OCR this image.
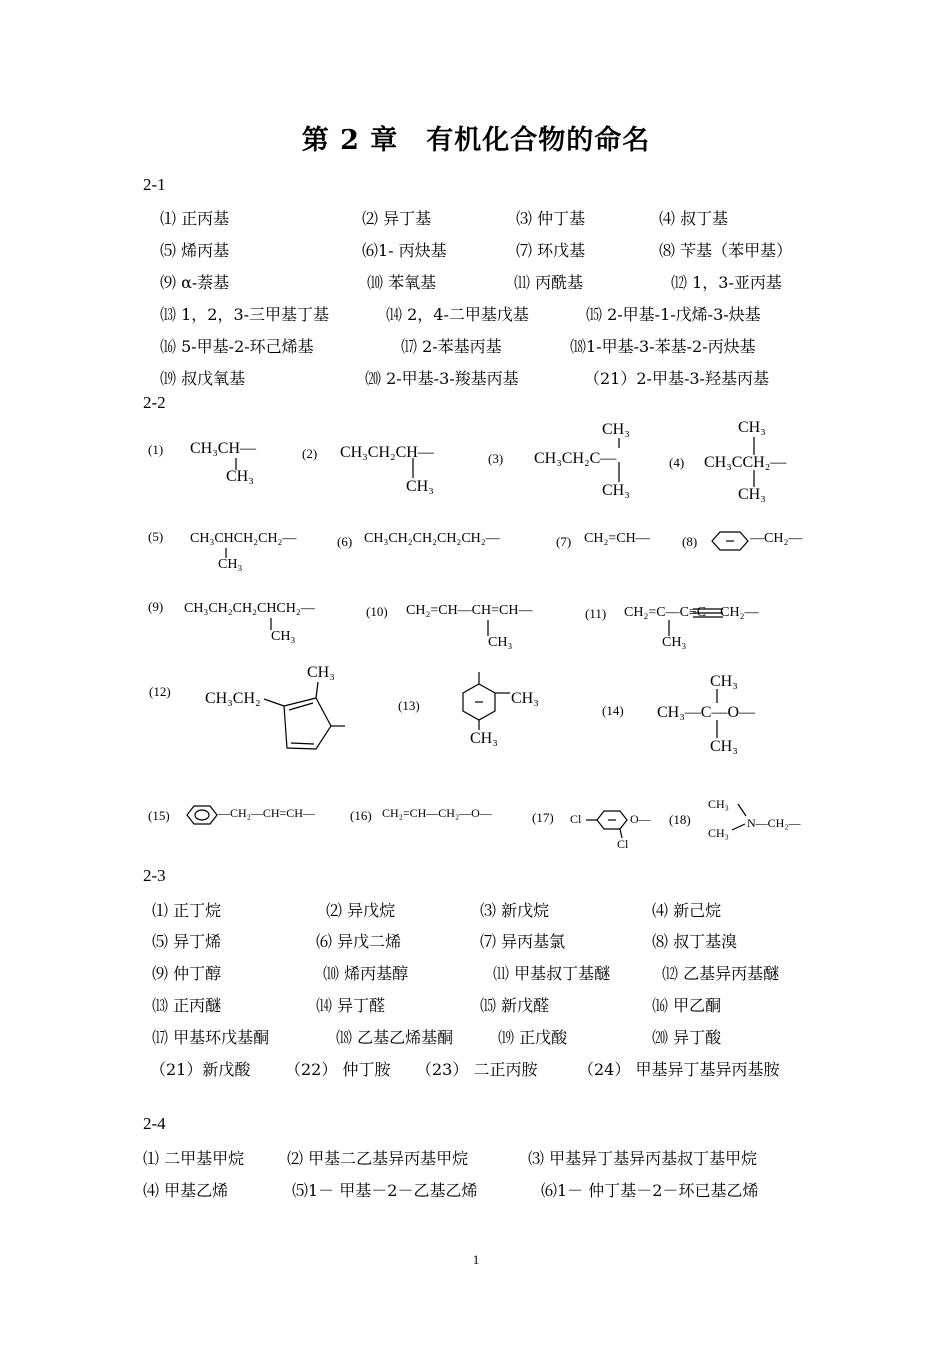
第 2 章　有机化合物的命名
2-1
⑴ 正丙基	⑵ 异丁基	⑶ 仲丁基	⑷ 叔丁基
⑸ 烯丙基	⑹1- 丙炔基	⑺ 环戊基	⑻ 苄基（苯甲基）
⑼ α-萘基	⑽ 苯氧基	⑾ 丙酰基	⑿ 1，3-亚丙基
⒀ 1，2，3-三甲基丁基	⒁ 2，4-二甲基戊基	⒂ 2-甲基-1-戊烯-3-炔基
⒃ 5-甲基-2-环己烯基	⒄ 2-苯基丙基	⒅1-甲基-3-苯基-2-丙炔基
⒆ 叔戊氧基	⒇ 2-甲基-3-羧基丙基	（21）2-甲基-3-羟基丙基
2-2
(1) CH₃CH—
CH₃
(2) CH₃CH₂CH—
CH₃
(3)
CH₃
CH₃CH₂C—
CH₃
(4)
CH₃
CH₃CCH₂—
CH₃
(5) CH₃CHCH₂CH₂—
CH₃
(6) CH₃CH₂CH₂CH₂CH₂—	(7) CH₂=CH— (8)	—CH₂—
(9) CH₃CH₂CH₂CHCH₂—
CH₃
(10) CH₂=CH—CH=CH—
CH₃
(11) CH₂=C—C≡C—CH₂—
CH₃
(12) CH₃CH₂
CH₃
(13)	CH₃
CH₃
(14)
CH₃
CH₃—C—O—
CH₃
(15)	—CH₂—CH=CH—	(16) CH₂=CH—CH₂—O—	(17) Cl	O—
Cl
(18)
CH₃
CH₃
N—CH₂—
2-3
⑴ 正丁烷	⑵ 异戊烷	⑶ 新戊烷	⑷ 新己烷
⑸ 异丁烯	⑹ 异戊二烯	⑺ 异丙基氯	⑻ 叔丁基溴
⑼ 仲丁醇	⑽ 烯丙基醇	⑾ 甲基叔丁基醚	⑿ 乙基异丙基醚
⒀ 正丙醚	⒁ 异丁醛	⒂ 新戊醛	⒃ 甲乙酮
⒄ 甲基环戊基酮	⒅ 乙基乙烯基酮	⒆ 正戊酸	⒇ 异丁酸
（21）新戊酸 （22） 仲丁胺 （23） 二正丙胺	（24） 甲基异丁基异丙基胺
2-4
⑴ 二甲基甲烷	⑵ 甲基二乙基异丙基甲烷	⑶ 甲基异丁基异丙基叔丁基甲烷
⑷ 甲基乙烯	⑸1－ 甲基－2－乙基乙烯	⑹1－ 仲丁基－2－环已基乙烯
1
